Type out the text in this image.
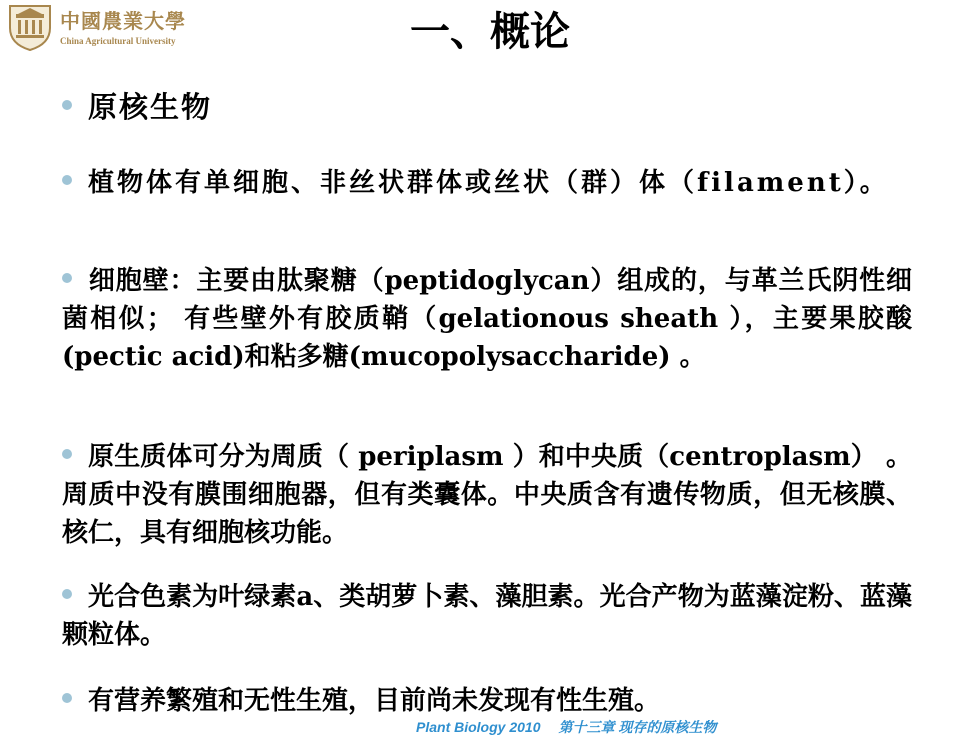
中國農業大學
China Agricultural University	一、概论
原核生物
植物体有单细胞、非丝状群体或丝状（群）体（filament）。
细胞壁：主要由肽聚糖（peptidoglycan）组成的，与革兰氏阴性细菌相似； 有些壁外有胶质鞘（gelationous sheath ），主要果胶酸(pectic acid)和粘多糖(mucopolysaccharide) 。
原生质体可分为周质（ periplasm ）和中央质（centroplasm） 。周质中没有膜围细胞器，但有类囊体。中央质含有遗传物质，但无核膜、核仁，具有细胞核功能。
光合色素为叶绿素a、类胡萝卜素、藻胆素。光合产物为蓝藻淀粉、蓝藻颗粒体。
有营养繁殖和无性生殖，目前尚未发现有性生殖。
Plant Biology 2010 第十三章 现存的原核生物
